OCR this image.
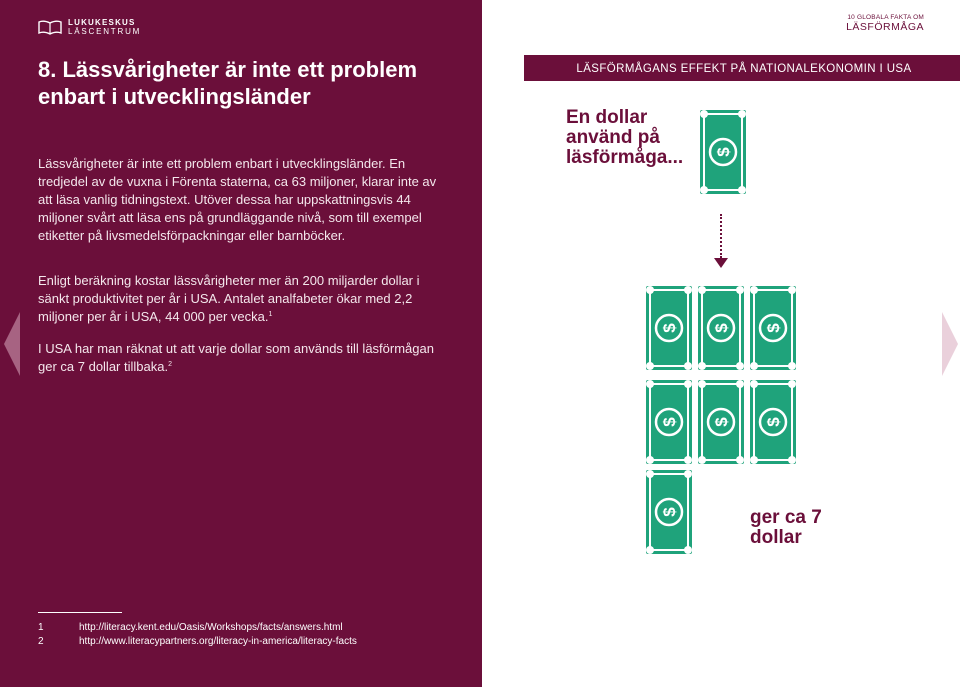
LUKUKESKUS
LÄSCENTRUM
8. Lässvårigheter är inte ett problem enbart i utvecklingsländer

Lässvårigheter är inte ett problem enbart i utvecklingsländer. En tredjedel av de vuxna i Förenta staterna, ca 63 miljoner, klarar inte av att läsa vanlig tidningstext. Utöver dessa har uppskattningsvis 44 miljoner svårt att läsa ens på grundläggande nivå, som till exempel etiketter på livsmedelsförpackningar eller barnböcker.

Enligt beräkning kostar lässvårigheter mer än 200 miljarder dollar i sänkt produktivitet per år i USA. Antalet analfabeter ökar med 2,2 miljoner per år i USA, 44 000 per vecka.$^1$

I USA har man räknat ut att varje dollar som används till läsförmågan ger ca 7 dollar tillbaka.$^2$

1	http://literacy.kent.edu/Oasis/Workshops/facts/answers.html
2	http://www.literacypartners.org/literacy-in-america/literacy-facts
10 GLOBALA FAKTA OM
LÄSFÖRMÅGA
LÄSFÖRMÅGANS EFFEKT PÅ NATIONALEKONOMIN I USA
En dollar använd på läsförmåga...
ger ca 7 dollar
